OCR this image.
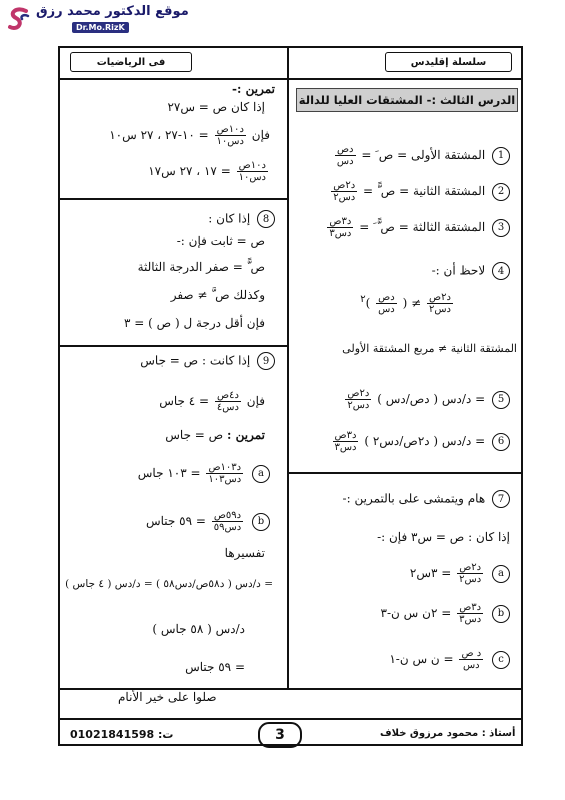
موقع الدكتور محمد رزق
Dr.Mo.RizK
فى الرياضيات	سلسلة إقليدس
الدرس الثالث :- المشتقات العليا للدالة
1 المشتقة الأولى = ص َ =
$\frac{\text{دص}}{\text{دس}}$
2 المشتقة الثانية = ص ًّ =
$\frac{\text{د٢ص}}{\text{دس٢}}$
3 المشتقة الثالثة = ص ًّ َ =
$\frac{\text{د٣ص}}{\text{دس٣}}$
4 لاحظ أن :-
$\frac{\text{د٢ص}}{\text{دس٢}}$
≠ (
$\frac{\text{دص}}{\text{دس}}$
)$^٢$
المشتقة الثانية ≠ مربع المشتقة الأولى
5 = د/دس ( دص/دس )
$\frac{\text{د٢ص}}{\text{دس٢}}$
6 = د/دس ( د٢ص/دس٢ )
$\frac{\text{د٣ص}}{\text{دس٣}}$
7 هام ويتمشى على بالتمرين :-
إذا كان : ص = س٣ فإن :-
a
$\frac{\text{د٢ص}}{\text{دس٢}}$
= ٣س٢
b
$\frac{\text{د٣ص}}{\text{دس٣}}$
= ٢ن س ن-٣
c
$\frac{\text{د ص}}{\text{دس}}$
= ن س ن-١
تمرين :-
إذا كان ص = س٢٧
فإن
$\frac{\text{د١٠ص}}{\text{دس١٠}}$
= ١٠-٢٧ ، ٢٧ س١٠
$\frac{\text{د١٠ص}}{\text{دس١٠}}$
= ١٧ ، ٢٧ س١٧
8 إذا كان :
ص = ثابت فإن :-
ص ًّ = صفر الدرجة الثالثة
وكذلك ص َّ ≠ صفر
فإن أقل درجة ل ( ص ) = ٣
9 إذا كانت : ص = جاس
فإن
$\frac{\text{د٤ص}}{\text{دس٤}}$
= ٤ جاس
تمرين : ص = جاس
a
$\frac{\text{د١٠٣ص}}{\text{دس١٠٣}}$
= ١٠٣ جاس
b
$\frac{\text{د٥٩ص}}{\text{دس٥٩}}$
= ٥٩ جتاس
تفسيرها
= د/دس ( د٥٨ص/دس٥٨ ) = د/دس ( ٤ جاس )
د/دس ( ٥٨ جاس )
= ٥٩ جتاس
صلوا على خير الأنام
01021841598 :ت	3	أستاذ : محمود مرزوق خلاف
